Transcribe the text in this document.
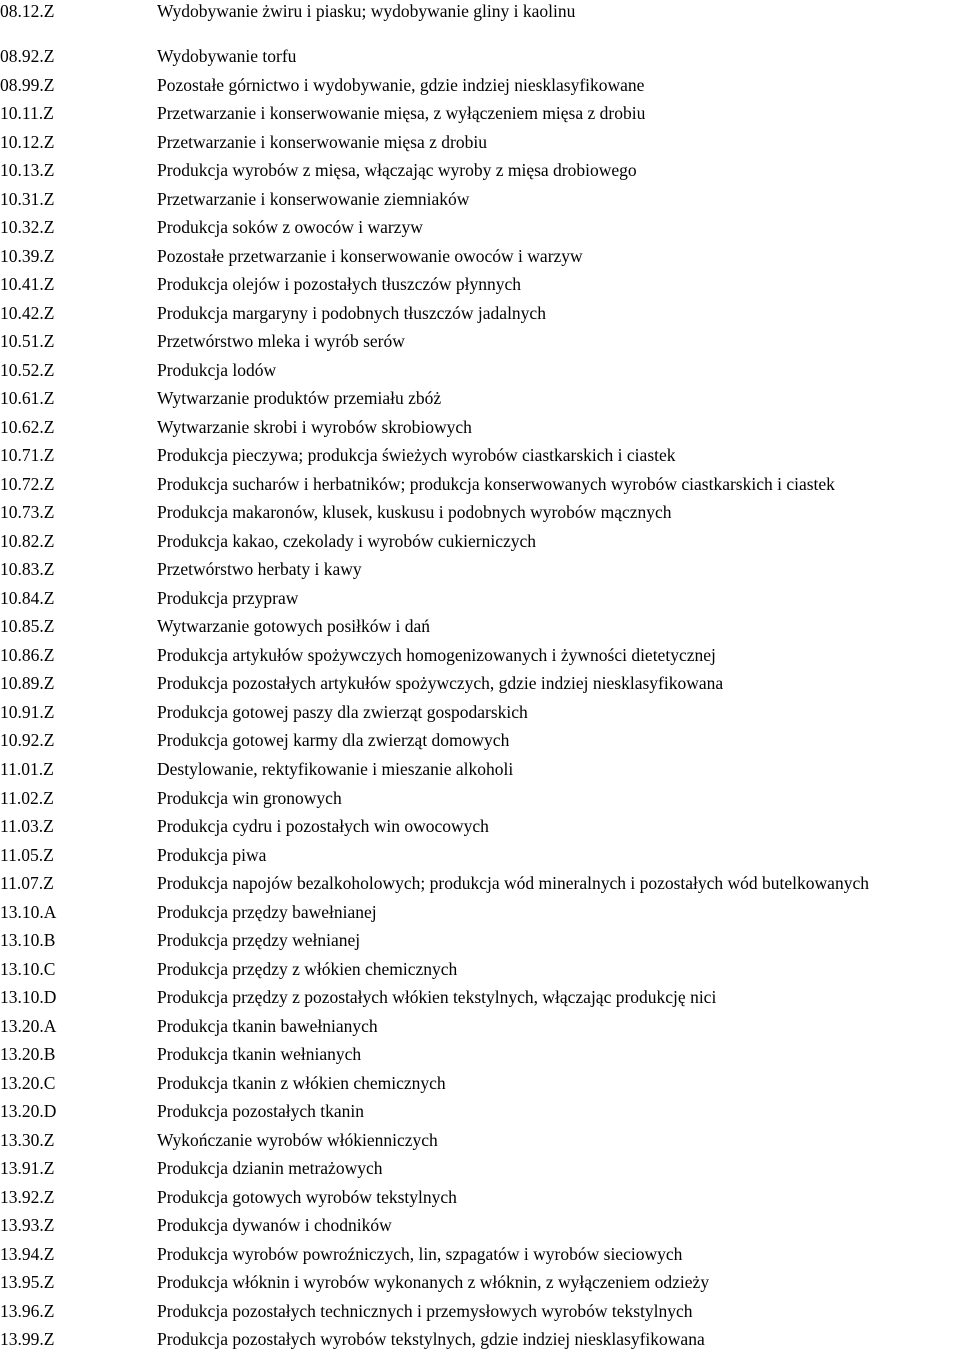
08.12.Z	Wydobywanie żwiru i piasku; wydobywanie gliny i kaolinu
08.92.Z	Wydobywanie torfu
08.99.Z	Pozostałe górnictwo i wydobywanie, gdzie indziej niesklasyfikowane
10.11.Z	Przetwarzanie i konserwowanie mięsa, z wyłączeniem mięsa z drobiu
10.12.Z	Przetwarzanie i konserwowanie mięsa z drobiu
10.13.Z	Produkcja wyrobów z mięsa, włączając wyroby z mięsa drobiowego
10.31.Z	Przetwarzanie i konserwowanie ziemniaków
10.32.Z	Produkcja soków z owoców i warzyw
10.39.Z	Pozostałe przetwarzanie i konserwowanie owoców i warzyw
10.41.Z	Produkcja olejów i pozostałych tłuszczów płynnych
10.42.Z	Produkcja margaryny i podobnych tłuszczów jadalnych
10.51.Z	Przetwórstwo mleka i wyrób serów
10.52.Z	Produkcja lodów
10.61.Z	Wytwarzanie produktów przemiału zbóż
10.62.Z	Wytwarzanie skrobi i wyrobów skrobiowych
10.71.Z	Produkcja pieczywa; produkcja świeżych wyrobów ciastkarskich i ciastek
10.72.Z	Produkcja sucharów i herbatników; produkcja konserwowanych wyrobów ciastkarskich i ciastek
10.73.Z	Produkcja makaronów, klusek, kuskusu i podobnych wyrobów mącznych
10.82.Z	Produkcja kakao, czekolady i wyrobów cukierniczych
10.83.Z	Przetwórstwo herbaty i kawy
10.84.Z	Produkcja przypraw
10.85.Z	Wytwarzanie gotowych posiłków i dań
10.86.Z	Produkcja artykułów spożywczych homogenizowanych i żywności dietetycznej
10.89.Z	Produkcja pozostałych artykułów spożywczych, gdzie indziej niesklasyfikowana
10.91.Z	Produkcja gotowej paszy dla zwierząt gospodarskich
10.92.Z	Produkcja gotowej karmy dla zwierząt domowych
11.01.Z	Destylowanie, rektyfikowanie i mieszanie alkoholi
11.02.Z	Produkcja win gronowych
11.03.Z	Produkcja cydru i pozostałych win owocowych
11.05.Z	Produkcja piwa
11.07.Z	Produkcja napojów bezalkoholowych; produkcja wód mineralnych i pozostałych wód butelkowanych
13.10.A	Produkcja przędzy bawełnianej
13.10.B	Produkcja przędzy wełnianej
13.10.C	Produkcja przędzy z włókien chemicznych
13.10.D	Produkcja przędzy z pozostałych włókien tekstylnych, włączając produkcję nici
13.20.A	Produkcja tkanin bawełnianych
13.20.B	Produkcja tkanin wełnianych
13.20.C	Produkcja tkanin z włókien chemicznych
13.20.D	Produkcja pozostałych tkanin
13.30.Z	Wykończanie wyrobów włókienniczych
13.91.Z	Produkcja dzianin metrażowych
13.92.Z	Produkcja gotowych wyrobów tekstylnych
13.93.Z	Produkcja dywanów i chodników
13.94.Z	Produkcja wyrobów powroźniczych, lin, szpagatów i wyrobów sieciowych
13.95.Z	Produkcja włóknin i wyrobów wykonanych z włóknin, z wyłączeniem odzieży
13.96.Z	Produkcja pozostałych technicznych i przemysłowych wyrobów tekstylnych
13.99.Z	Produkcja pozostałych wyrobów tekstylnych, gdzie indziej niesklasyfikowana
